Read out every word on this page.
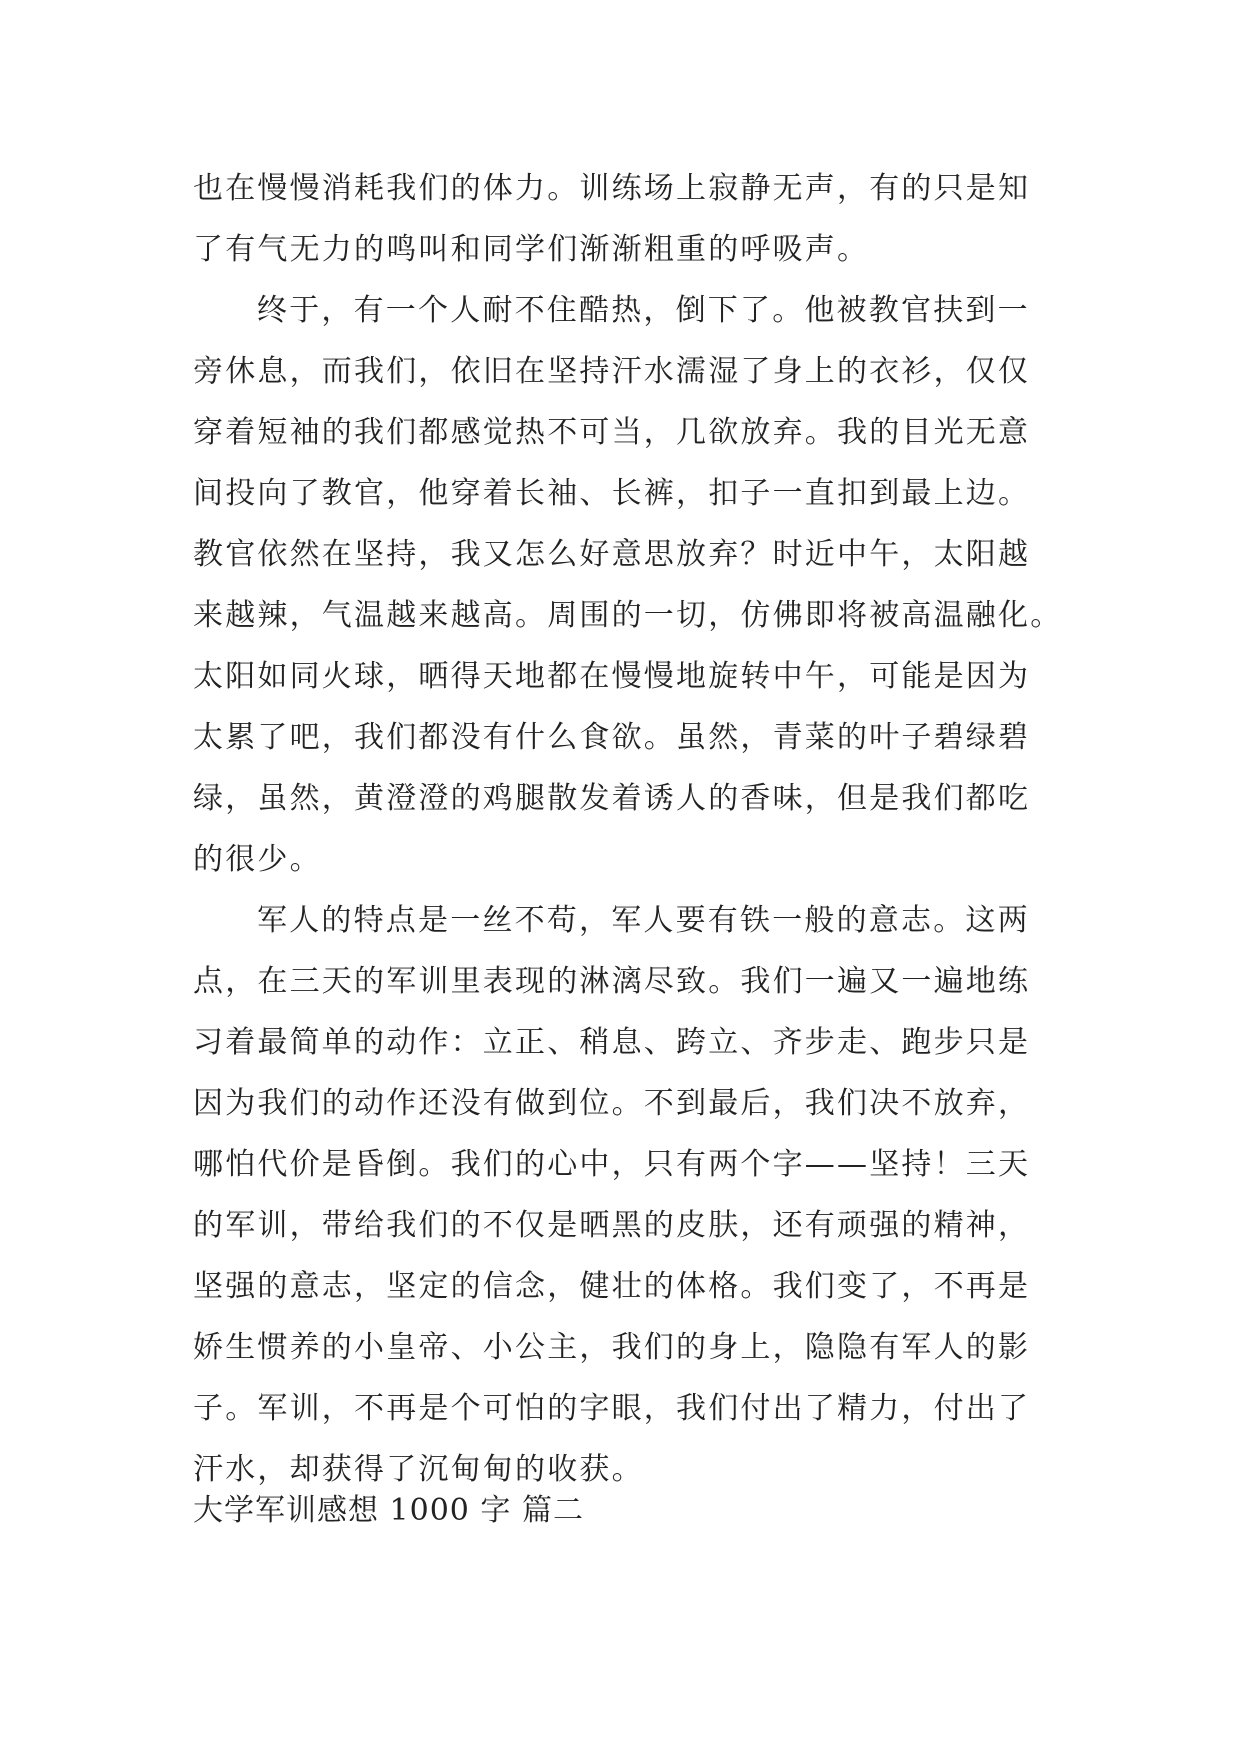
也在慢慢消耗我们的体力。训练场上寂静无声，有的只是知
了有气无力的鸣叫和同学们渐渐粗重的呼吸声。
终于，有一个人耐不住酷热，倒下了。他被教官扶到一
旁休息，而我们，依旧在坚持汗水濡湿了身上的衣衫，仅仅
穿着短袖的我们都感觉热不可当，几欲放弃。我的目光无意
间投向了教官，他穿着长袖、长裤，扣子一直扣到最上边。
教官依然在坚持，我又怎么好意思放弃？时近中午，太阳越
来越辣，气温越来越高。周围的一切，仿佛即将被高温融化。
太阳如同火球，晒得天地都在慢慢地旋转中午，可能是因为
太累了吧，我们都没有什么食欲。虽然，青菜的叶子碧绿碧
绿，虽然，黄澄澄的鸡腿散发着诱人的香味，但是我们都吃
的很少。
军人的特点是一丝不苟，军人要有铁一般的意志。这两
点，在三天的军训里表现的淋漓尽致。我们一遍又一遍地练
习着最简单的动作：立正、稍息、跨立、齐步走、跑步只是
因为我们的动作还没有做到位。不到最后，我们决不放弃，
哪怕代价是昏倒。我们的心中，只有两个字——坚持！三天
的军训，带给我们的不仅是晒黑的皮肤，还有顽强的精神，
坚强的意志，坚定的信念，健壮的体格。我们变了，不再是
娇生惯养的小皇帝、小公主，我们的身上，隐隐有军人的影
子。军训，不再是个可怕的字眼，我们付出了精力，付出了
汗水，却获得了沉甸甸的收获。
大学军训感想 1000 字 篇二
